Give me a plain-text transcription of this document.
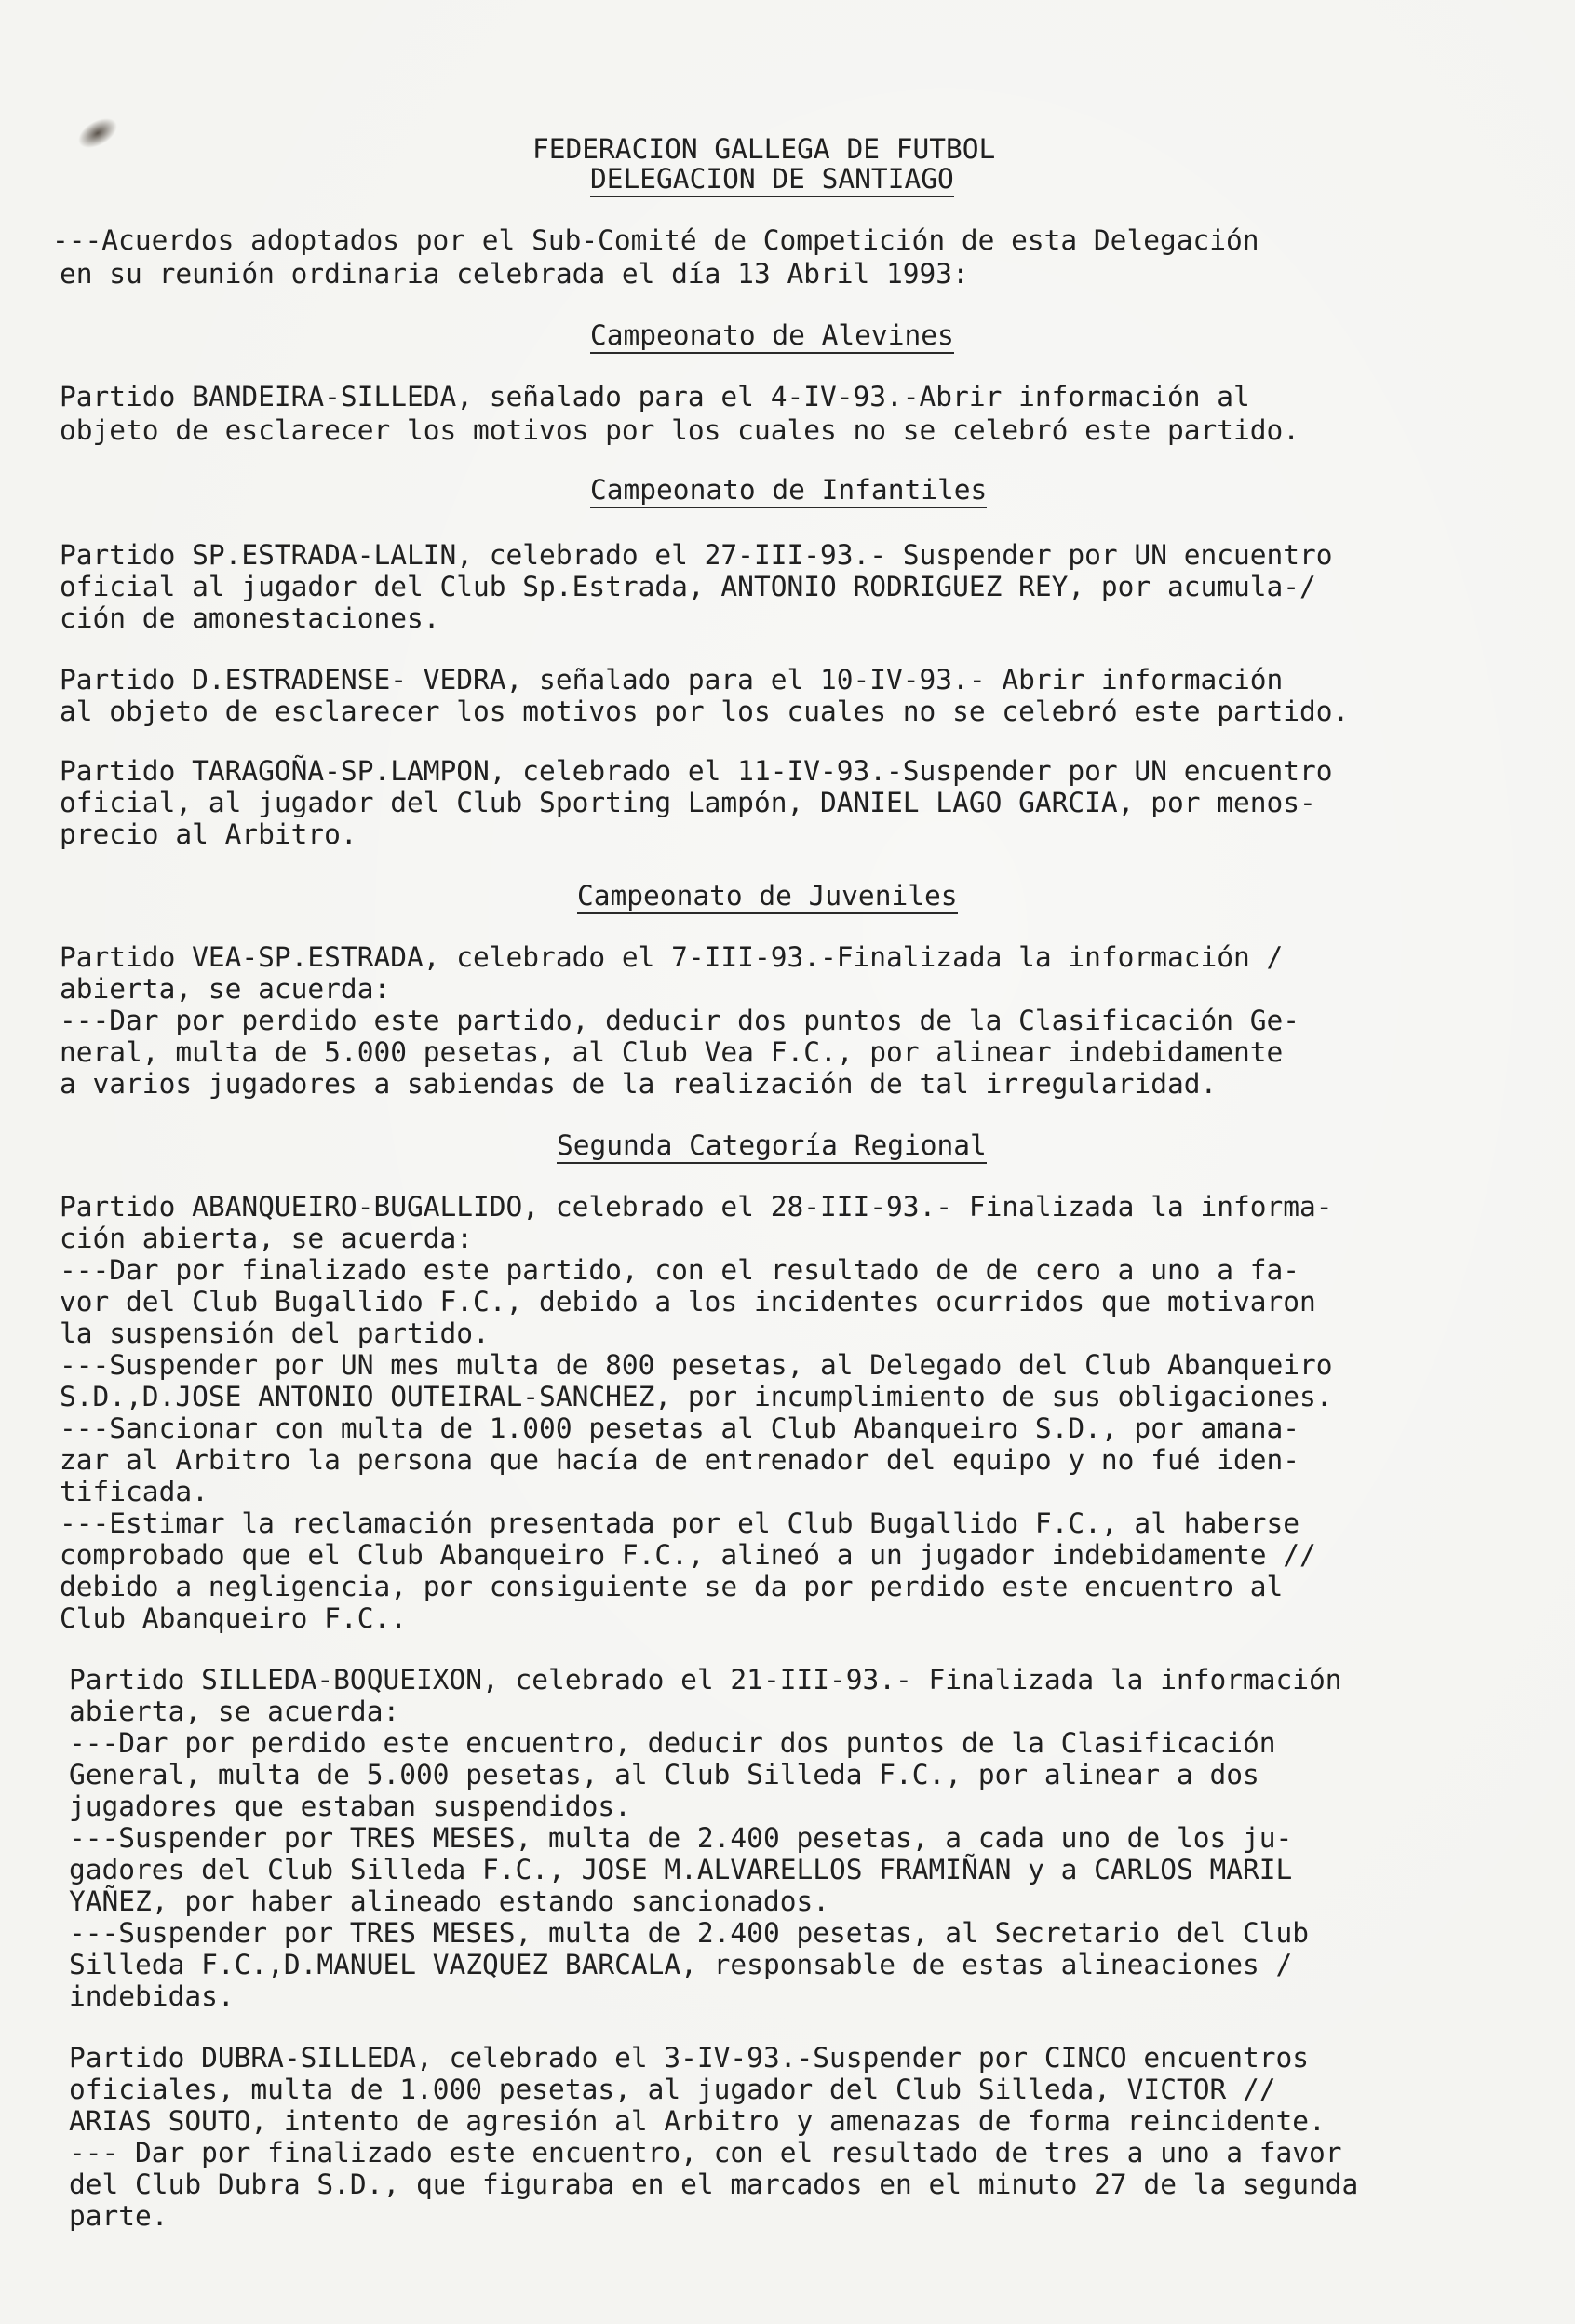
FEDERACION GALLEGA DE FUTBOL
DELEGACION DE SANTIAGO
---Acuerdos adoptados por el Sub-Comité de Competición de esta Delegación
en su reunión ordinaria celebrada el día 13 Abril 1993:
Campeonato de Alevines
Partido BANDEIRA-SILLEDA, señalado para el 4-IV-93.-Abrir información al
objeto de esclarecer los motivos por los cuales no se celebró este partido.
Campeonato de Infantiles
Partido SP.ESTRADA-LALIN, celebrado el 27-III-93.- Suspender por UN encuentro
oficial al jugador del Club Sp.Estrada, ANTONIO RODRIGUEZ REY, por acumula-/
ción de amonestaciones.
Partido D.ESTRADENSE- VEDRA, señalado para el 10-IV-93.- Abrir información
al objeto de esclarecer los motivos por los cuales no se celebró este partido.
Partido TARAGOÑA-SP.LAMPON, celebrado el 11-IV-93.-Suspender por UN encuentro
oficial, al jugador del Club Sporting Lampón, DANIEL LAGO GARCIA, por menos-
precio al Arbitro.
Campeonato de Juveniles
Partido VEA-SP.ESTRADA, celebrado el 7-III-93.-Finalizada la información /
abierta, se acuerda:
---Dar por perdido este partido, deducir dos puntos de la Clasificación Ge-
neral, multa de 5.000 pesetas, al Club Vea F.C., por alinear indebidamente
a varios jugadores a sabiendas de la realización de tal irregularidad.
Segunda Categoría Regional
Partido ABANQUEIRO-BUGALLIDO, celebrado el 28-III-93.- Finalizada la informa-
ción abierta, se acuerda:
---Dar por finalizado este partido, con el resultado de de cero a uno a fa-
vor del Club Bugallido F.C., debido a los incidentes ocurridos que motivaron
la suspensión del partido.
---Suspender por UN mes multa de 800 pesetas, al Delegado del Club Abanqueiro
S.D.,D.JOSE ANTONIO OUTEIRAL-SANCHEZ, por incumplimiento de sus obligaciones.
---Sancionar con multa de 1.000 pesetas al Club Abanqueiro S.D., por amana-
zar al Arbitro la persona que hacía de entrenador del equipo y no fué iden-
tificada.
---Estimar la reclamación presentada por el Club Bugallido F.C., al haberse
comprobado que el Club Abanqueiro F.C., alineó a un jugador indebidamente //
debido a negligencia, por consiguiente se da por perdido este encuentro al
Club Abanqueiro F.C..
Partido SILLEDA-BOQUEIXON, celebrado el 21-III-93.- Finalizada la información
abierta, se acuerda:
---Dar por perdido este encuentro, deducir dos puntos de la Clasificación
General, multa de 5.000 pesetas, al Club Silleda F.C., por alinear a dos
jugadores que estaban suspendidos.
---Suspender por TRES MESES, multa de 2.400 pesetas, a cada uno de los ju-
gadores del Club Silleda F.C., JOSE M.ALVARELLOS FRAMIÑAN y a CARLOS MARIL
YAÑEZ, por haber alineado estando sancionados.
---Suspender por TRES MESES, multa de 2.400 pesetas, al Secretario del Club
Silleda F.C.,D.MANUEL VAZQUEZ BARCALA, responsable de estas alineaciones /
indebidas.
Partido DUBRA-SILLEDA, celebrado el 3-IV-93.-Suspender por CINCO encuentros
oficiales, multa de 1.000 pesetas, al jugador del Club Silleda, VICTOR //
ARIAS SOUTO, intento de agresión al Arbitro y amenazas de forma reincidente.
--- Dar por finalizado este encuentro, con el resultado de tres a uno a favor
del Club Dubra S.D., que figuraba en el marcados en el minuto 27 de la segunda
parte.
